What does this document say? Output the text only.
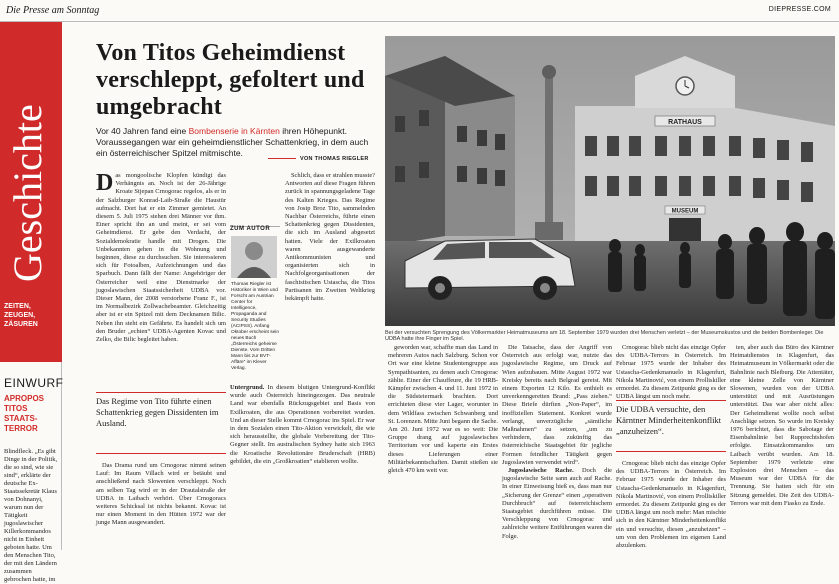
Die Presse am Sonntag	DIEPRESSE.COM
Geschichte
ZEITEN, ZEUGEN, ZÄSUREN
EINWURF
APROPOS TITOS STAATS-TERROR
Blindfleck. „Es gibt Dinge in der Politik, die so sind, wie sie sind“, erklärte der deutsche Ex-Staatssekretär Klaus von Dohnanyi, warum nun der Tätigkeit jugoslawischer Killerkommandos nicht in Einheit geboten hatte. Um den Menschen Tito, der mit den Ländern zusammen gebrochen hatte, im
Von Titos Geheimdienst verschleppt, gefoltert und umgebracht
Vor 40 Jahren fand eine Bombenserie in Kärnten ihren Höhepunkt. Voraussegangen war ein geheimdienstlicher Schattenkrieg, in dem auch ein österreichischer Spitzel mitmischte.
VON THOMAS RIEGLER
RATHAUS
MUSEUM
Bei der versuchten Sprengung des Völkermarkter Heimatmuseums am 18. September 1979 wurden drei Menschen verletzt – der Museumskustos und die beiden Bombenleger. Die UDBA hatte ihre Finger im Spiel.
Das mongoolische Klopfen kündigt das Verhängnis an. Noch ist der 26-Jährige Kroate Stjepan Crnogorac regelos, als er in der Salzburger Konrad-Laib-Straße die Haustür aufmacht. Dort hat er ein Zimmer gemietet. An diesem 5. Juli 1975 stehen drei Männer vor ihm. Einer spricht ihn an und meint, er sei vom Geheimdienst. Er gebe den Verdacht, der Sozialdemokratie handle mit Drogen. Die Unbekannten gehen in die Wohnung und beginnen, diese zu durchsuchen. Sie interessieren sich für Fotoalben, Aufzeichnungen und das Sparbuch. Dann fällt der Name: Angehöriger der Österreicher weil eine Dienstmarke der jugoslawischen Staatssicherheit UDBA vor. Dieser Mann, der 2008 verstorbene Franz F., ist im Normalbezirk Zollwachebeamter. Gleichzeitig aber ist er ein Spitzel mit dem Decknamen Bilic. Neben ihn steht ein Gefährte. Es handelt sich um den Bruder „echten“ UDBA-Agenten Kovac und Zelko, die Bilic begleitet haben.
Das Regime von Tito führte einen Schattenkrieg gegen Dissidenten im Ausland.

Das Drama rund um Crnogorac nimmt seinen Lauf: Im Raum Villach wird er betäubt und anschließend nach Slowenien verschleppt. Noch am selben Tag wird er in der Drautalstraße der UDBA in Laibach verhört. Über Crnogoracs weiteres Schicksal ist nichts bekannt. Kovac ist nur einen Moment in den Hütten 1972 war der junge Mann ausgewandert.

ZUM AUTOR
Thomas Riegler ist Historiker in Wien und Forscht am Austrian Center for Intelligence, Propaganda and Security Studies (ACIPSS). Anfang Oktober erscheint sein neues Buch „Österreichs geheime Dienste. Vom Dritten Mann bis zur BVT-Affäre“ im Klever Verlag.

Schlich, dass er strahlen musste? Antworten auf diese Fragen führen zurück in spannungsgeladene Tage des Kalten Krieges. Das Regime von Josip Broz Tito, sammelnden Nachbar Österreichs, führte einen Schattenkrieg gegen Dissidenten, die sich im Ausland abgesetzt hatten. Viele der Exilkroaten waren ausgewanderte Antikommunisten und organisierten sich in Nachfolgeorganisationen der faschistischen Ustascha, die Titos Partisanen im Zweiten Weltkrieg bekämpft hatte.

Untergrund. In diesem blutigen Untergrund-Konflikt wurde auch Österreich hineingezogen. Das neutrale Land war ebenfalls Rückzugsgebiet und Basis von Exilkroaten, die aus Operationen vorbereitet wurden. Und an dieser Stelle kommt Crnogorac ins Spiel. Er war in dem Sozialen einen Tito-Aktion verwickelt, die wie sich herausstellte, die globale Vorbereitung der Tito-Gegner stellt. Im australischen Sydney hatte sich 1963 die Kroatische Revolutionäre Bruderschaft (HRB) gebildet, die ein „Großkroatien“ etablieren wollte.

geworden war, schaffte man das Land in mehreren Autos nach Salzburg. Schon vor Ort war eine kleine Studentengruppe aus Sympathisanten, zu denen auch Crnogorac zählte. Einer der Chauffeure, die 19 HRB-Kämpfer zwischen 4. und 11. Juni 1972 in die Südsteiermark brachten. Dort errichteten diese vier Lager, worunter in dem Wildfass zwischen Schwanberg und St. Lorenzen. Mitte Juni begann die Sache. Am 20. Juni 1972 war es so weit: Die Gruppe drang auf jugoslawisches Territorium vor und kaperte ein Erstes dieses Lieferungen einer Militärbekanntschaften. Damit stießen sie gleich 470 km weit vor.

Die Tatsache, dass der Angriff von Österreich aus erfolgt war, nutzte das jugoslawische Regime, um Druck auf Wien aufzubauen. Mitte August 1972 war Kreisky bereits nach Belgrad gereist. Mit einem Exporten 12 Kilo. Es enthielt es unverkenngeretten Brand: „Pass ziehen.“ Diese Briefe dürften „Non-Paper“, im inoffiziellen Statement. Konkret wurde verlangt, unverzügliche „sämtliche Maßnahmen“ zu setzen, „um zu verhindern, dass zukünftig das österreichische Staatsgebiet für jegliche Formen feindlicher Tätigkeit gegen Jugoslawien verwendet wird“.

Jugoslawische Rache. Doch die jugoslawische Seite sann auch auf Rache. In einer Einweisung hieß es, dass man nur „Sicherung der Grenze“ einen „operativen Durchbruch“ auf österreichischem Staatsgebiet durchführen müsse. Die Verschleppung von Crnogorac und zahlreiche weitere Entführungen waren die Folge.

Crnogorac blieb nicht das einzige Opfer des UDBA-Terrors in Österreich. Im Februar 1975 wurde der Inhaber des Ustascha-Gedenkmanuelo in Klagenfurt, Nikola Martinović, von einem Prolliskiller ermordet. Zu diesem Zeitpunkt ging es der UDBA längst um noch mehr.

Die UDBA versuchte, den Kärntner Minderheitenkonflikt „anzuheizen“.

Crnogorac blieb nicht das einzige Opfer des UDBA-Terrors in Österreich. Im Februar 1975 wurde der Inhaber des Ustascha-Gedenkmanuelo in Klagenfurt, Nikola Martinović, von einem Prolliskiller ermordet. Zu diesem Zeitpunkt ging es der UDBA längst um noch mehr: Man mischte sich in den Kärntner Minderheitenkonflikt ein und versuchte, diesen „anzuheizen“ – um von den Problemen im eigenen Land abzulenken.

ten, aber auch das Büro des Kärntner Heimatdienstes in Klagenfurt, das Heimatmuseum in Völkermarkt oder die Bahnlinie nach Bleiburg. Die Attentäter, eine kleine Zelle von Kärntner Slowenen, wurden von der UDBA unterstützt und mit Ausrüstungen unterstützt. Das war aber nicht alles: Der Geheimdienst wollte noch selbst Anschläge setzen. So wurde im Kreisky 1976 berichtet, dass die Sabotage der Eisenbahnlinie bei Rupprechtshofen erfolgte. Einsatzkommandos um Laibach verübt wurden. Am 18. September 1979 verletzte eine Explosion drei Menschen – das Museum war der UDBA für die Trennung. Sie hatten sich für ein Sitzung gemeldet. Die Zeit des UDBA-Terrors war mit dem Fiasko zu Ende.
